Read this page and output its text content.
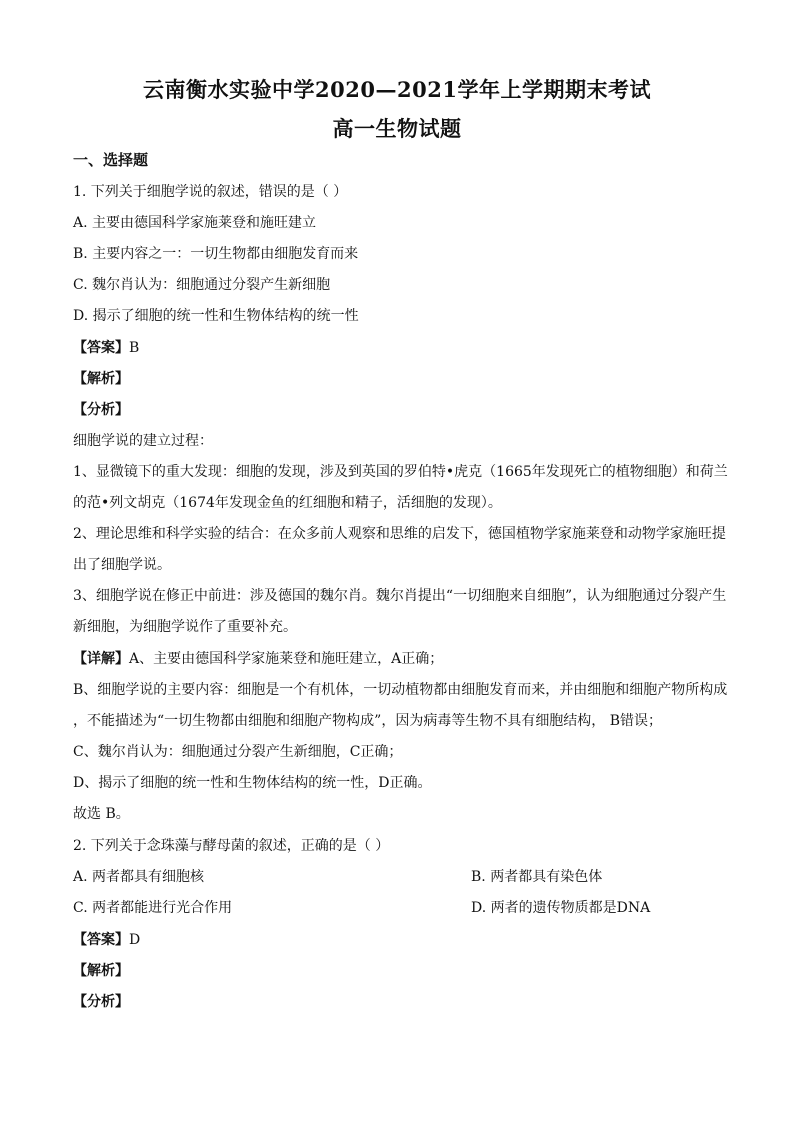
云南衡水实验中学2020—2021学年上学期期末考试
高一生物试题
一、选择题
1. 下列关于细胞学说的叙述，错误的是（ ）
A. 主要由德国科学家施莱登和施旺建立
B. 主要内容之一：一切生物都由细胞发育而来
C. 魏尔肖认为：细胞通过分裂产生新细胞
D. 揭示了细胞的统一性和生物体结构的统一性
【答案】B
【解析】
【分析】
细胞学说的建立过程：
1、显微镜下的重大发现：细胞的发现，涉及到英国的罗伯特•虎克（1665年发现死亡的植物细胞）和荷兰
的范•列文胡克（1674年发现金鱼的红细胞和精子，活细胞的发现）。
2、理论思维和科学实验的结合：在众多前人观察和思维的启发下，德国植物学家施莱登和动物学家施旺提
出了细胞学说。
3、细胞学说在修正中前进：涉及德国的魏尔肖。魏尔肖提出“一切细胞来自细胞”，认为细胞通过分裂产生
新细胞，为细胞学说作了重要补充。
【详解】A、主要由德国科学家施莱登和施旺建立，A正确；
B、细胞学说的主要内容：细胞是一个有机体，一切动植物都由细胞发育而来，并由细胞和细胞产物所构成
，不能描述为“一切生物都由细胞和细胞产物构成”，因为病毒等生物不具有细胞结构， B错误；
C、魏尔肖认为：细胞通过分裂产生新细胞，C正确；
D、揭示了细胞的统一性和生物体结构的统一性，D正确。
故选 B。
2. 下列关于念珠藻与酵母菌的叙述，正确的是（ ）
A. 两者都具有细胞核	B. 两者都具有染色体
C. 两者都能进行光合作用	D. 两者的遗传物质都是DNA
【答案】D
【解析】
【分析】
